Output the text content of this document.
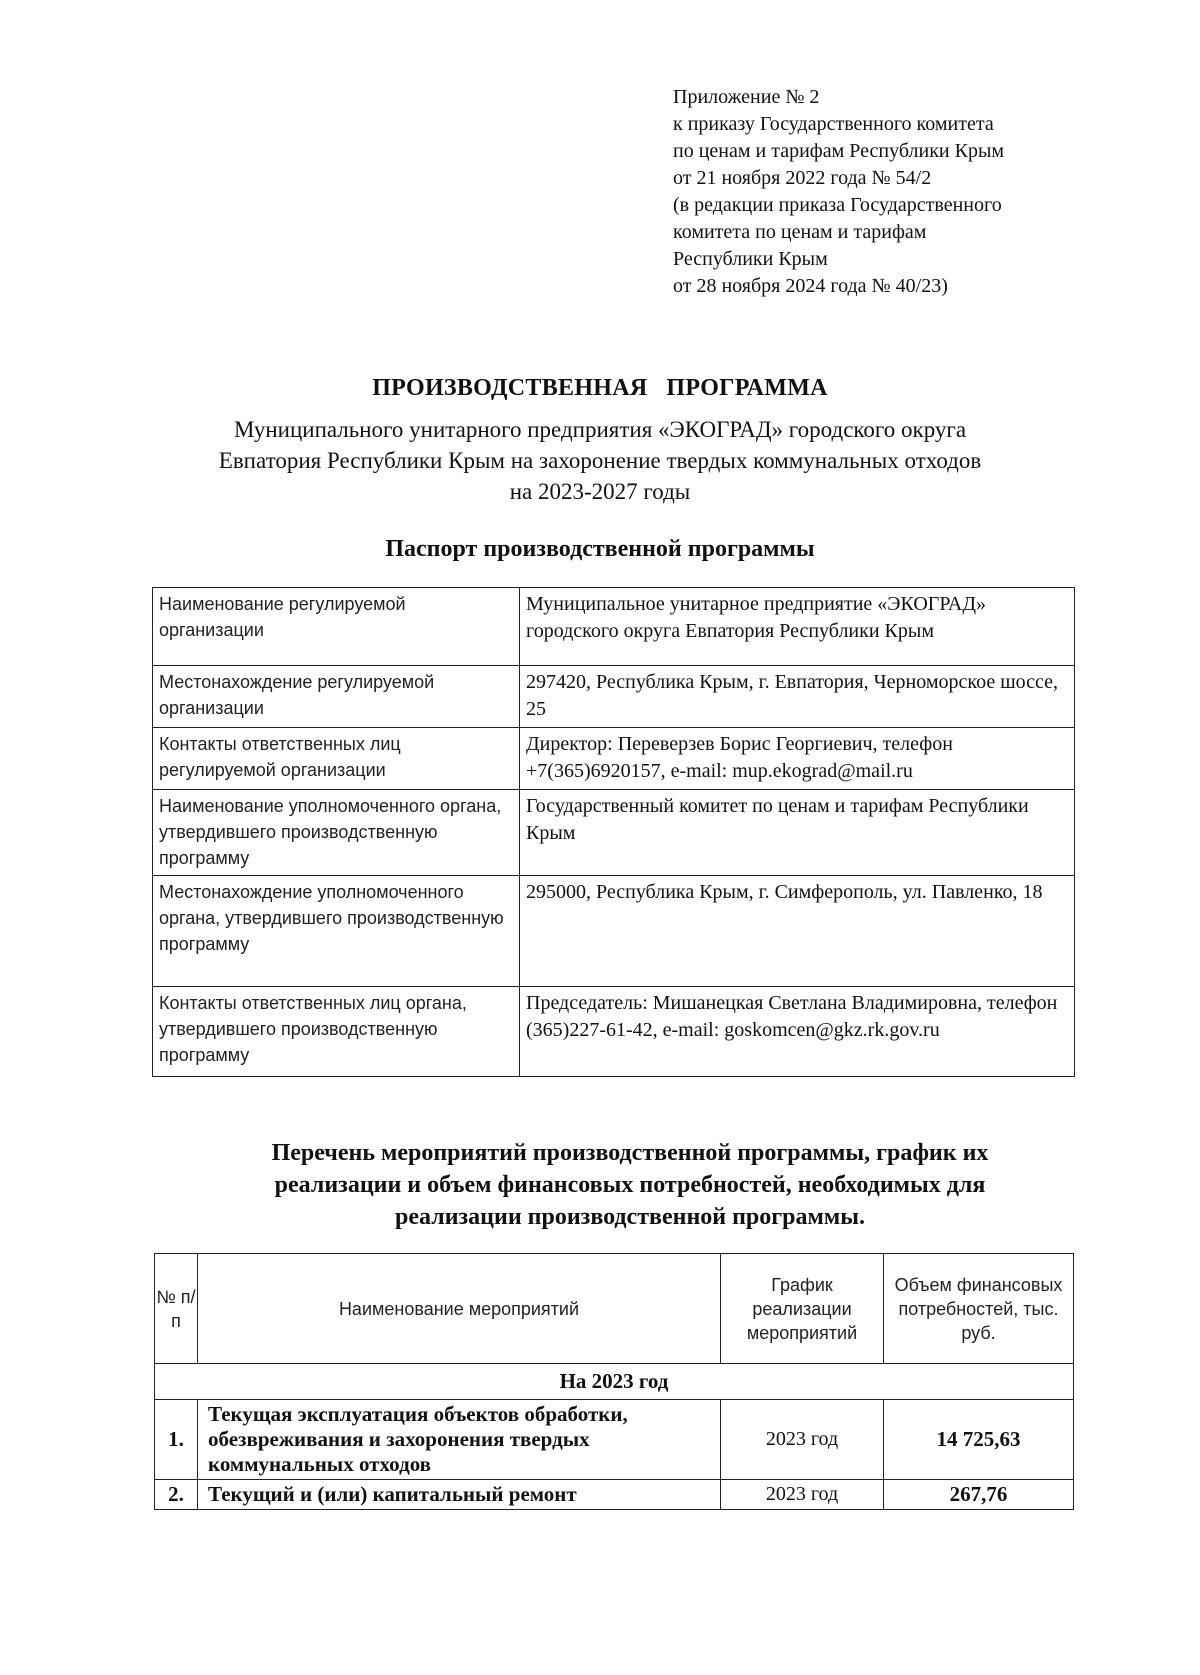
Приложение № 2
к приказу Государственного комитета
по ценам и тарифам Республики Крым
от 21 ноября 2022 года № 54/2
(в редакции приказа Государственного
комитета по ценам и тарифам
Республики Крым
от 28 ноября 2024 года № 40/23)
ПРОИЗВОДСТВЕННАЯ   ПРОГРАММА
Муниципального унитарного предприятия «ЭКОГРАД» городского округа
Евпатория Республики Крым на захоронение твердых коммунальных отходов
на 2023-2027 годы
Паспорт производственной программы
Наименование регулируемой организации	Муниципальное унитарное предприятие «ЭКОГРАД» городского округа Евпатория Республики Крым
Местонахождение регулируемой организации	297420, Республика Крым, г. Евпатория, Черноморское шоссе, 25
Контакты ответственных лиц регулируемой организации	Директор: Переверзев Борис Георгиевич, телефон +7(365)6920157, e-mail: mup.ekograd@mail.ru
Наименование уполномоченного органа, утвердившего производственную программу	Государственный комитет по ценам и тарифам Республики Крым
Местонахождение уполномоченного органа, утвердившего производственную программу	295000, Республика Крым, г. Симферополь, ул. Павленко, 18
Контакты ответственных лиц органа, утвердившего производственную программу	Председатель: Мишанецкая Светлана Владимировна, телефон (365)227-61-42, e-mail: goskomcen@gkz.rk.gov.ru
Перечень мероприятий производственной программы, график их
реализации и объем финансовых потребностей, необходимых для
реализации производственной программы.
№ п/п	Наименование мероприятий	График реализации мероприятий	Объем финансовых потребностей, тыс. руб.
На 2023 год			
1.	Текущая эксплуатация объектов обработки, обезвреживания и захоронения твердых коммунальных отходов	2023 год	14 725,63
2.	Текущий и (или) капитальный ремонт	2023 год	267,76
